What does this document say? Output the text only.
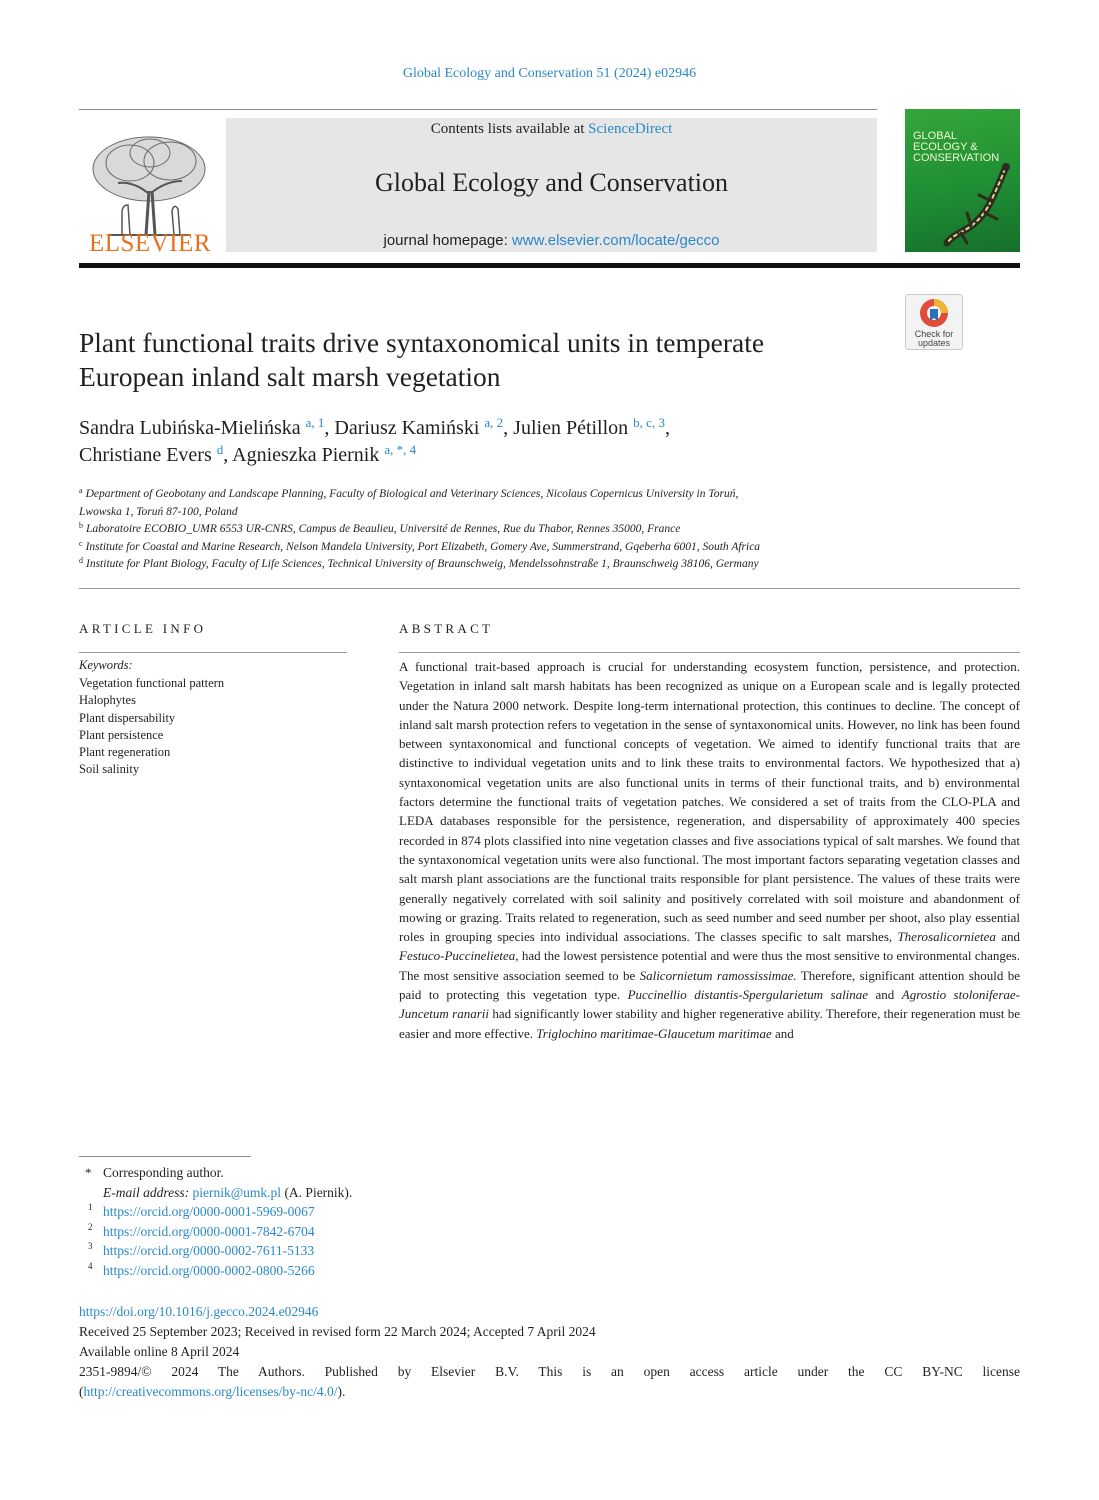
Global Ecology and Conservation 51 (2024) e02946
ELSEVIER
Contents lists available at ScienceDirect
Global Ecology and Conservation
journal homepage: www.elsevier.com/locate/gecco
GLOBAL
ECOLOGY &
CONSERVATION
Check for
updates
Plant functional traits drive syntaxonomical units in temperate
European inland salt marsh vegetation
Sandra Lubińska-Mielińska $^{a, 1}$, Dariusz Kamiński $^{a, 2}$, Julien Pétillon $^{b, c, 3}$,
Christiane Evers $^d$, Agnieszka Piernik $^{a, *, 4}$
$^a$ Department of Geobotany and Landscape Planning, Faculty of Biological and Veterinary Sciences, Nicolaus Copernicus University in Toruń,
Lwowska 1, Toruń 87-100, Poland
$^b$ Laboratoire ECOBIO_UMR 6553 UR-CNRS, Campus de Beaulieu, Université de Rennes, Rue du Thabor, Rennes 35000, France
$^c$ Institute for Coastal and Marine Research, Nelson Mandela University, Port Elizabeth, Gomery Ave, Summerstrand, Gqeberha 6001, South Africa
$^d$ Institute for Plant Biology, Faculty of Life Sciences, Technical University of Braunschweig, Mendelssohnstraße 1, Braunschweig 38106, Germany
ARTICLE INFO
Keywords:
Vegetation functional pattern
Halophytes
Plant dispersability
Plant persistence
Plant regeneration
Soil salinity
ABSTRACT

A functional trait-based approach is crucial for understanding ecosystem function, persistence, and protection. Vegetation in inland salt marsh habitats has been recognized as unique on a European scale and is legally protected under the Natura 2000 network. Despite long-term international protection, this continues to decline. The concept of inland salt marsh protection refers to vegetation in the sense of syntaxonomical units. However, no link has been found between syntaxonomical and functional concepts of vegetation. We aimed to identify functional traits that are distinctive to individual vegetation units and to link these traits to environmental factors. We hypothesized that a) syntaxonomical vegetation units are also functional units in terms of their functional traits, and b) environmental factors determine the functional traits of vegetation patches. We considered a set of traits from the CLO-PLA and LEDA databases responsible for the persistence, regeneration, and dispersability of approximately 400 species recorded in 874 plots classified into nine vegetation classes and five associations typical of salt marshes. We found that the syntaxonomical vegetation units were also functional. The most important factors separating vegetation classes and salt marsh plant associations are the functional traits responsible for plant persistence. The values of these traits were generally negatively correlated with soil salinity and positively correlated with soil moisture and abandonment of mowing or grazing. Traits related to regeneration, such as seed number and seed number per shoot, also play essential roles in grouping species into individual associations. The classes specific to salt marshes, Therosalicornietea and Festuco-Puccinelietea, had the lowest persistence potential and were thus the most sensitive to environmental changes. The most sensitive association seemed to be Salicornietum ramossissimae. Therefore, significant attention should be paid to protecting this vegetation type. Puccinellio distantis-Spergularietum salinae and Agrostio stoloniferae-Juncetum ranarii had significantly lower stability and higher regenerative ability. Therefore, their regeneration must be easier and more effective. Triglochino maritimae-Glaucetum maritimae and

* Corresponding author.
E-mail address: piernik@umk.pl (A. Piernik).
1 https://orcid.org/0000-0001-5969-0067
2 https://orcid.org/0000-0001-7842-6704
3 https://orcid.org/0000-0002-7611-5133
4 https://orcid.org/0000-0002-0800-5266
https://doi.org/10.1016/j.gecco.2024.e02946
Received 25 September 2023; Received in revised form 22 March 2024; Accepted 7 April 2024
Available online 8 April 2024
2351-9894/© 2024 The Authors. Published by Elsevier B.V. This is an open access article under the CC BY-NC license
(http://creativecommons.org/licenses/by-nc/4.0/).
